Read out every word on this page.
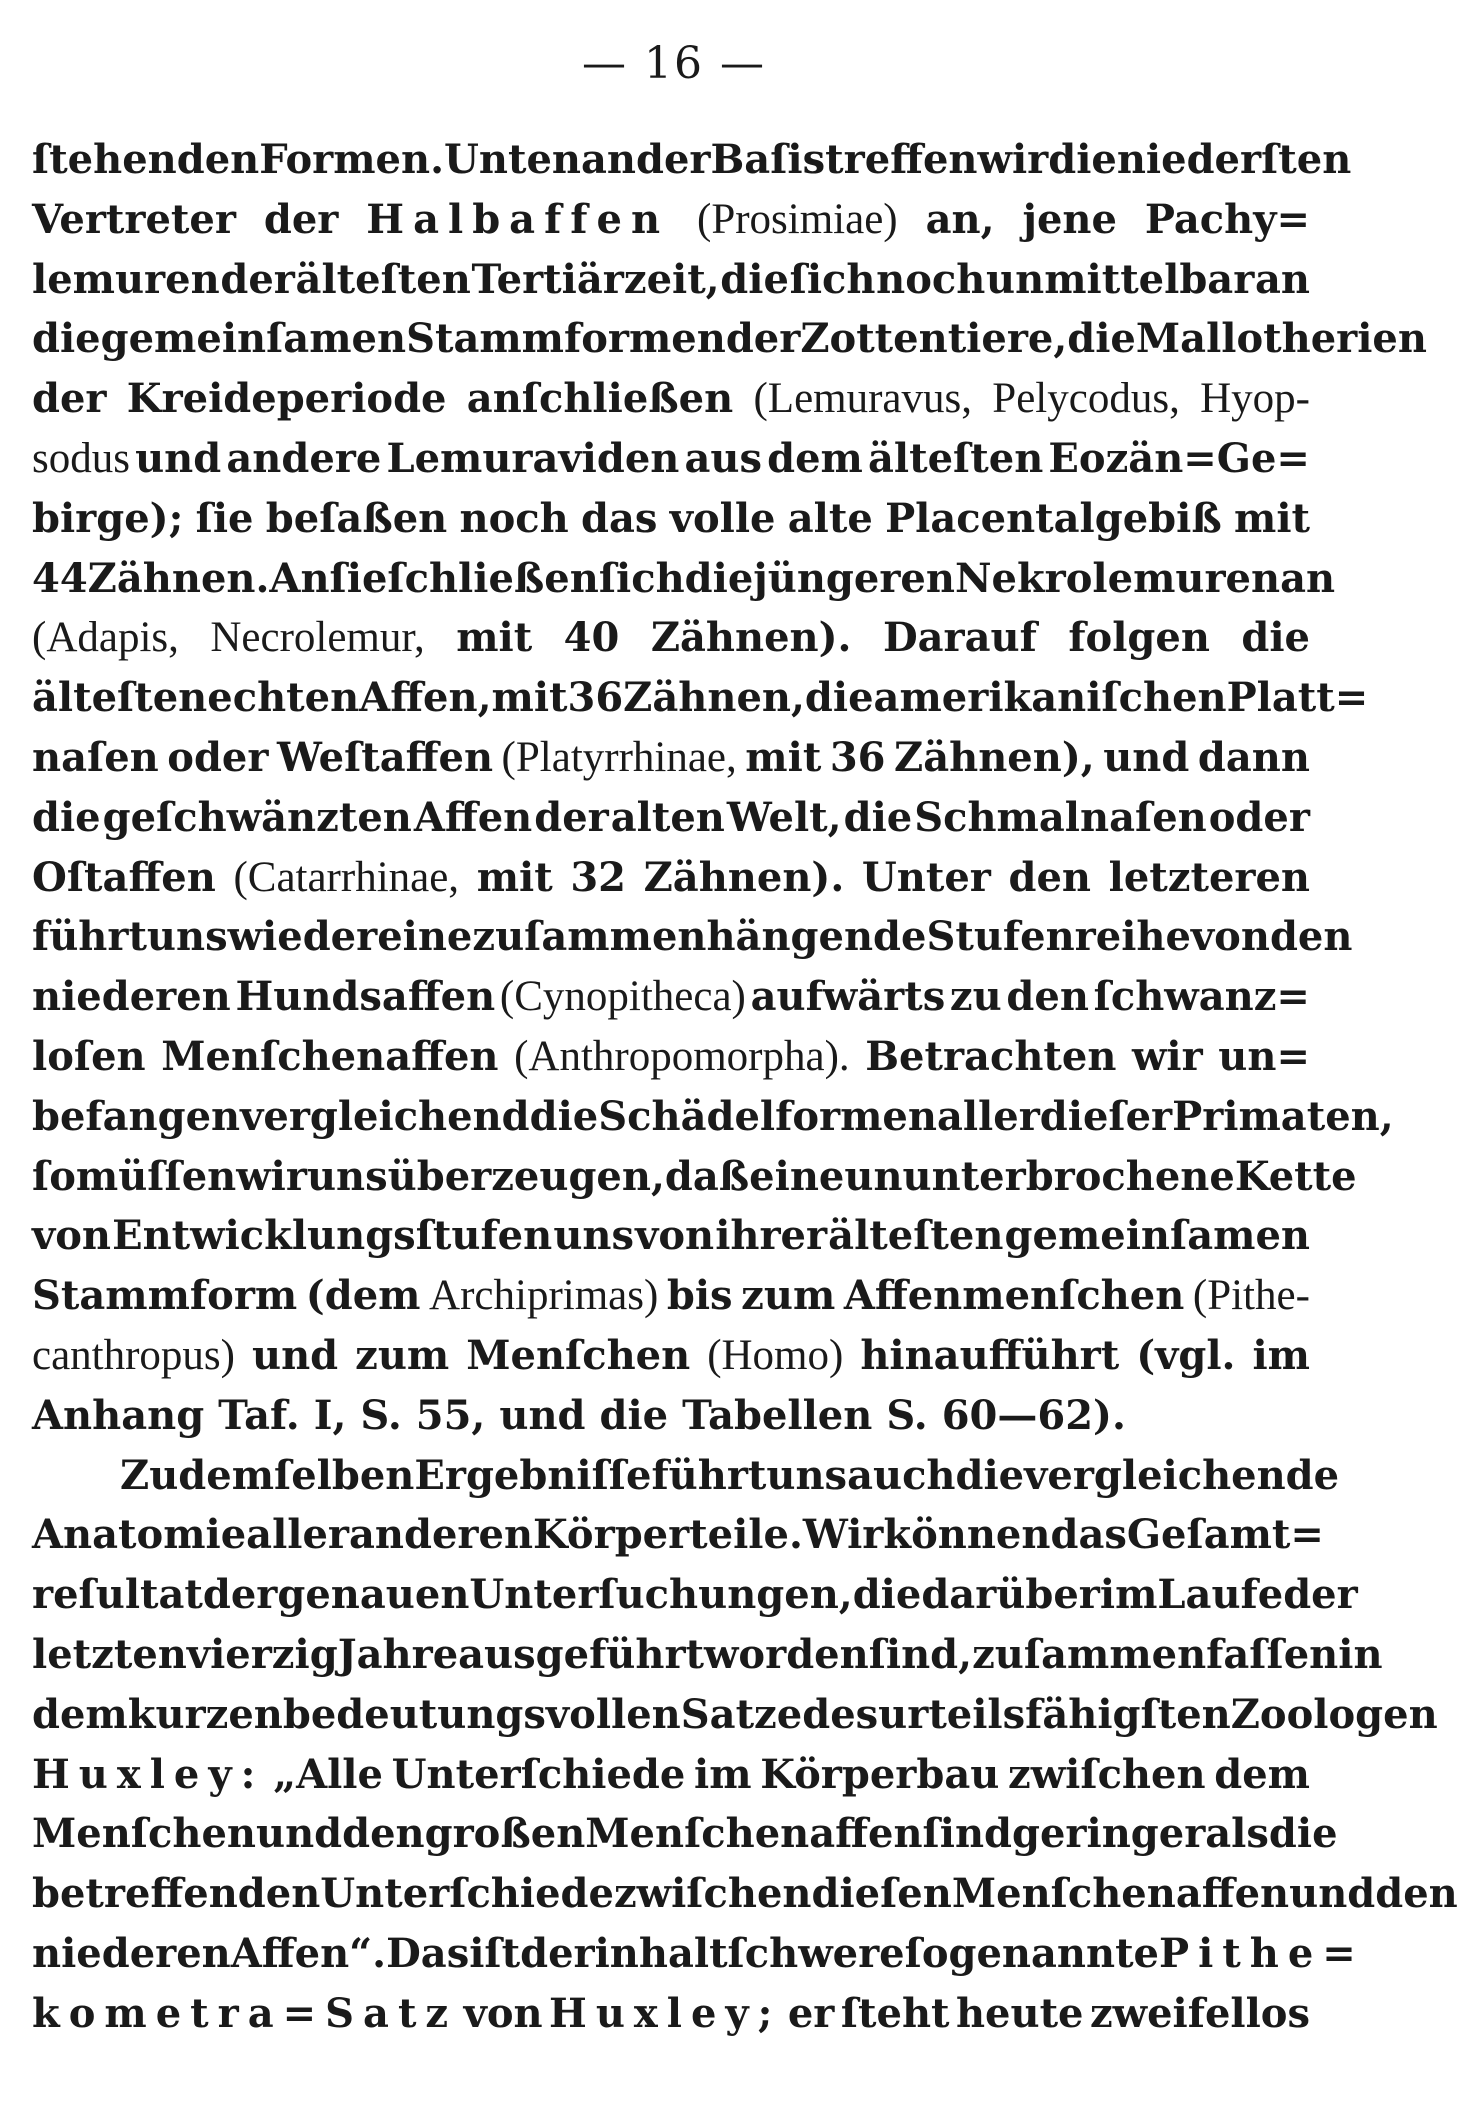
— 16 —
ſtehenden Formen. Unten an der Baſis treffen wir die niederſten
Vertreter der Halbaffen (Prosimiae) an, jene Pachy=
lemuren der älteſten Tertiärzeit, die ſich noch unmittelbar an
die gemeinſamen Stammformen der Zottentiere, die Mallotherien
der Kreideperiode anſchließen (Lemuravus, Pelycodus, Hyop-
sodus und andere Lemuraviden aus dem älteſten Eozän=Ge=
birge); ſie beſaßen noch das volle alte Placentalgebiß mit
44 Zähnen. An ſie ſchließen ſich die jüngeren Nekrolemuren an
(Adapis, Necrolemur, mit 40 Zähnen). Darauf folgen die
älteſten echten Affen, mit 36 Zähnen, die amerikaniſchen Platt=
naſen oder Weſtaffen (Platyrrhinae, mit 36 Zähnen), und dann
die geſchwänzten Affen der alten Welt, die Schmalnaſen oder
Oſtaffen (Catarrhinae, mit 32 Zähnen). Unter den letzteren
führt uns wieder eine zuſammenhängende Stufenreihe von den
niederen Hundsaffen (Cynopitheca) aufwärts zu den ſchwanz=
loſen Menſchenaffen (Anthropomorpha). Betrachten wir un=
befangen vergleichend die Schädelformen aller dieſer Primaten,
ſo müſſen wir uns überzeugen, daß eine ununterbrochene Kette
von Entwicklungsſtufen uns von ihrer älteſten gemeinſamen
Stammform (dem Archiprimas) bis zum Affenmenſchen (Pithe-
canthropus) und zum Menſchen (Homo) hinaufführt (vgl. im
Anhang Taf. I, S. 55, und die Tabellen S. 60—62).
Zu demſelben Ergebniſſe führt uns auch die vergleichende
Anatomie aller anderen Körperteile. Wir können das Geſamt=
reſultat der genauen Unterſuchungen, die darüber im Laufe der
letzten vierzig Jahre ausgeführt worden ſind, zuſammenfaſſen in
dem kurzen bedeutungsvollen Satze des urteilsfähigſten Zoologen
Huxley: „Alle Unterſchiede im Körperbau zwiſchen dem
Menſchen und den großen Menſchenaffen ſind geringer als die
betreffenden Unterſchiede zwiſchen dieſen Menſchenaffen und den
niederen Affen“. Das iſt der inhaltſchwere ſogenannte Pithe=
kometra=Satz von Huxley; er ſteht heute zweifellos
